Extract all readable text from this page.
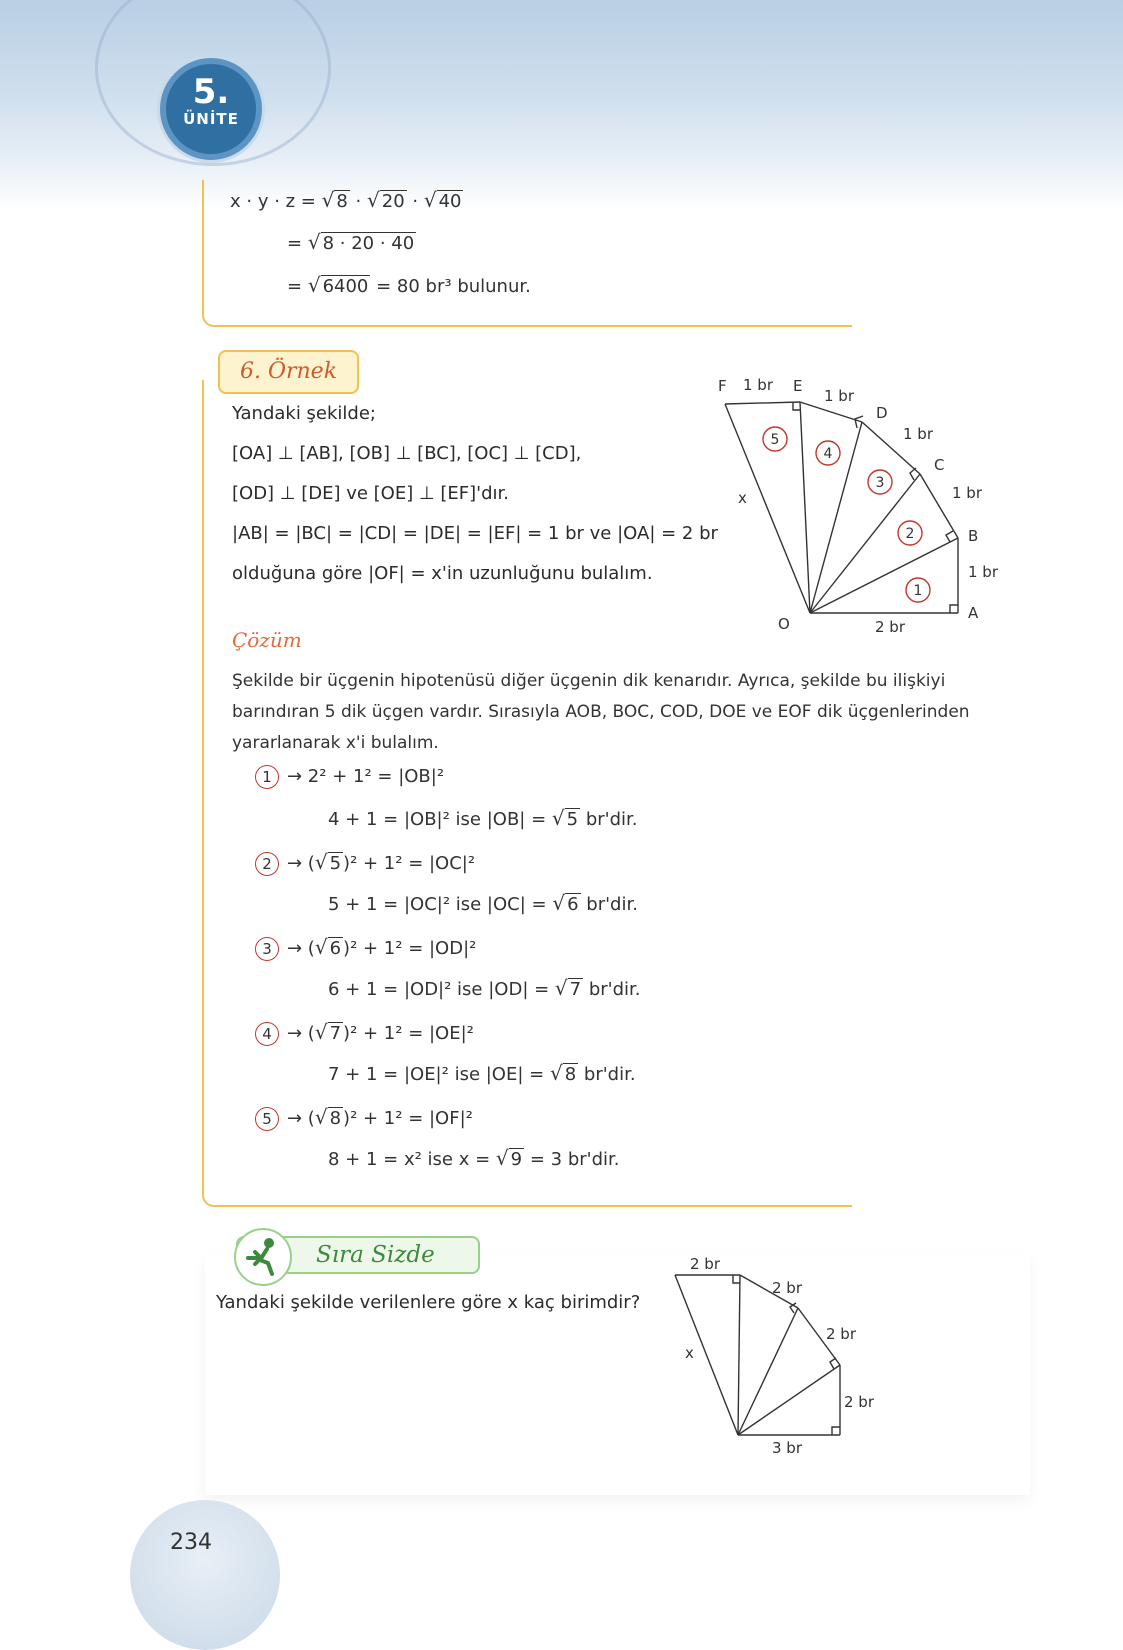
5.
ÜNİTE
x · y · z = √ 8 · √ 20 · √ 40
= √ 8 · 20 · 40
= √ 6400 = 80 br³ bulunur.
6. Örnek
Yandaki şekilde;
[OA] ⊥ [AB], [OB] ⊥ [BC], [OC] ⊥ [CD],
[OD] ⊥ [DE] ve [OE] ⊥ [EF]'dır.
|AB| = |BC| = |CD| = |DE| = |EF| = 1 br ve |OA| = 2 br
olduğuna göre |OF| = x'in uzunluğunu bulalım.
1
2
3
4
5
O
A
B
C
D
E
F
x
2 br
1 br
1 br
1 br
1 br
1 br
Çözüm
Şekilde bir üçgenin hipotenüsü diğer üçgenin dik kenarıdır. Ayrıca, şekilde bu ilişkiyi barındıran 5 dik üçgen vardır. Sırasıyla AOB, BOC, COD, DOE ve EOF dik üçgenlerinden yararlanarak x'i bulalım.
1 → 2² + 1² = |OB|²
4 + 1 = |OB|² ise |OB| = √ 5 br'dir.
2 → (√ 5 )² + 1² = |OC|²
5 + 1 = |OC|² ise |OC| = √ 6 br'dir.
3 → (√ 6 )² + 1² = |OD|²
6 + 1 = |OD|² ise |OD| = √ 7 br'dir.
4 → (√ 7 )² + 1² = |OE|²
7 + 1 = |OE|² ise |OE| = √ 8 br'dir.
5 → (√ 8 )² + 1² = |OF|²
8 + 1 = x² ise x = √ 9 = 3 br'dir.
Sıra Sizde
Yandaki şekilde verilenlere göre x kaç birimdir?
2 br
2 br
2 br
2 br
3 br
x
234
